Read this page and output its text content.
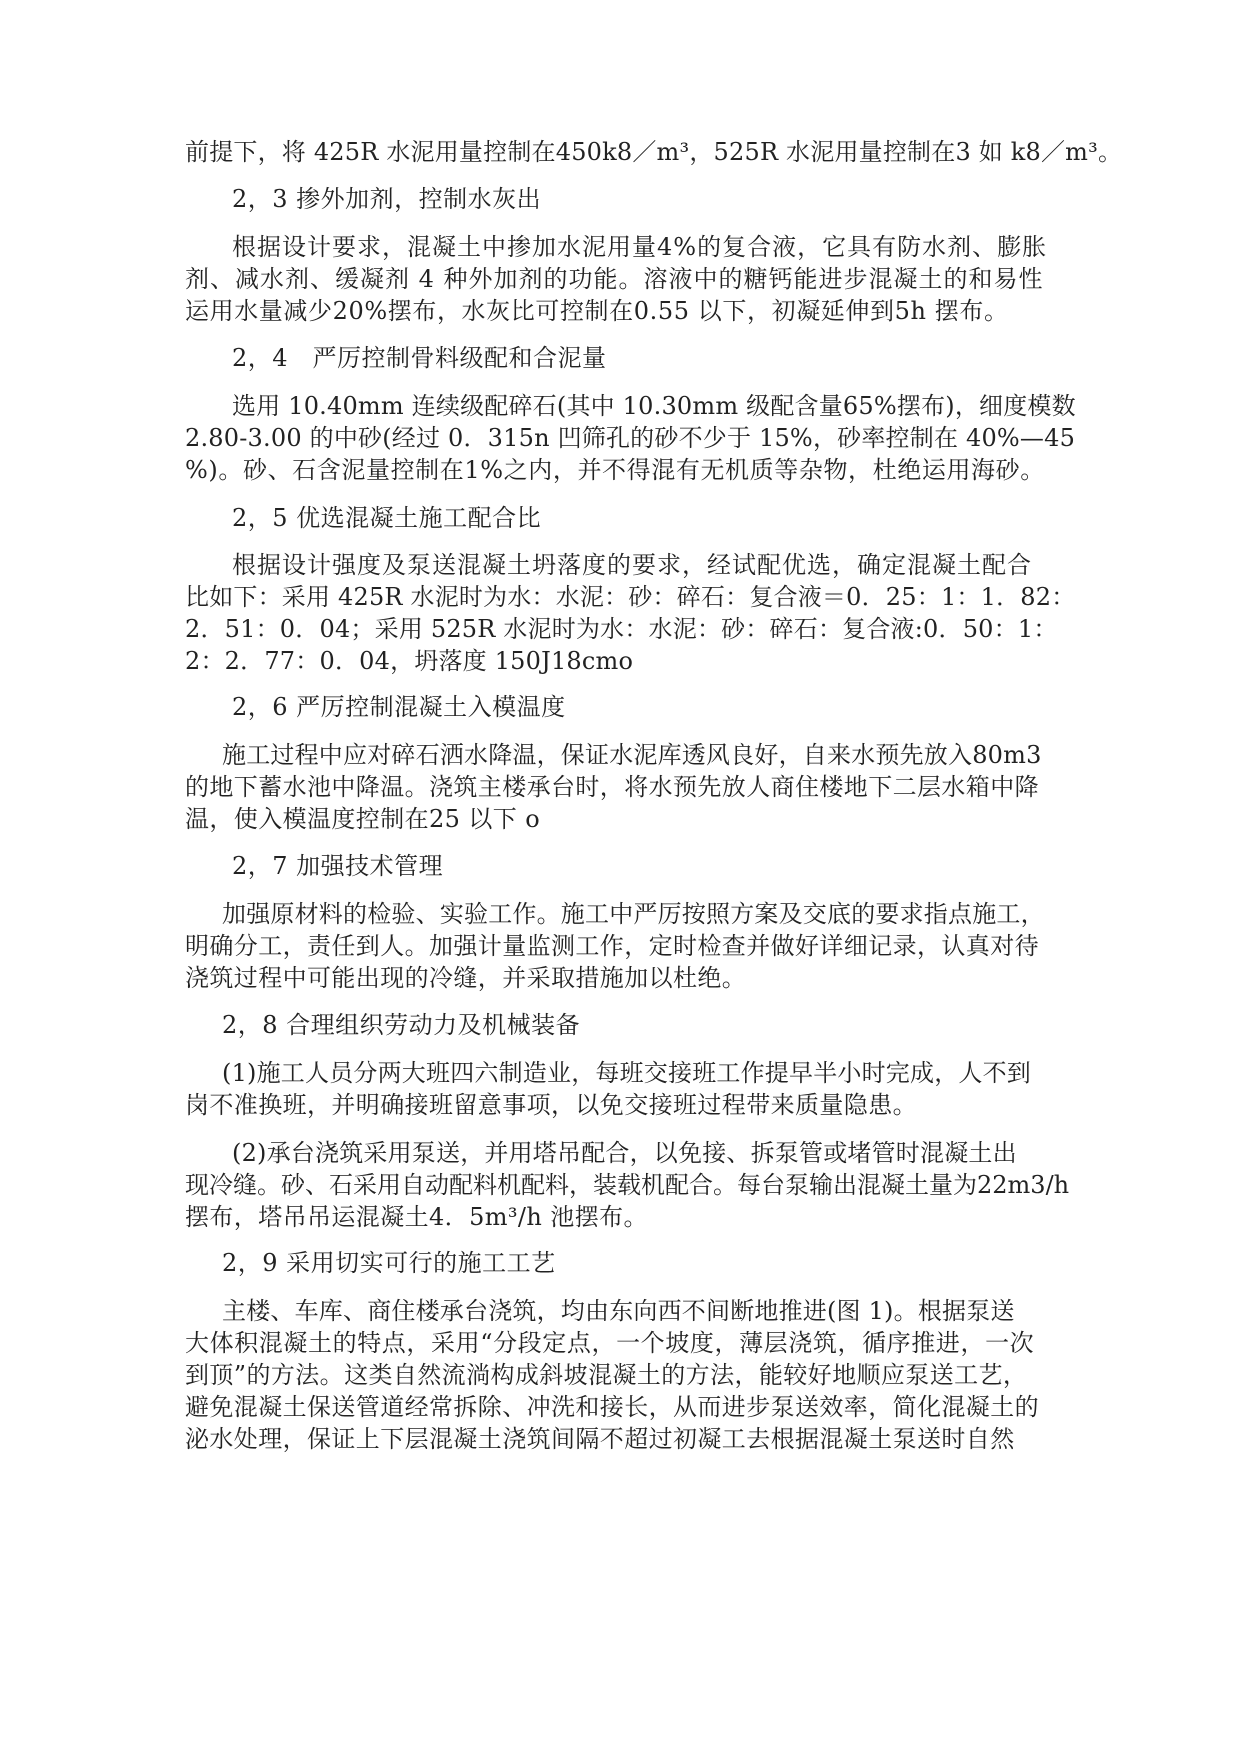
前提下，将 425R 水泥用量控制在450k8／m³，525R 水泥用量控制在3 如 k8／m³。
2，3 掺外加剂，控制水灰出
根据设计要求，混凝土中掺加水泥用量4%的复合液，它具有防水剂、膨胀
剂、减水剂、缓凝剂 4 种外加剂的功能。溶液中的糖钙能进步混凝土的和易性
运用水量减少20%摆布，水灰比可控制在0.55 以下，初凝延伸到5h 摆布。
2，4　严厉控制骨料级配和合泥量
选用 10.40mm 连续级配碎石(其中 10.30mm 级配含量65%摆布)，细度模数
2.80-3.00 的中砂(经过 0．315n 凹筛孔的砂不少于 15%，砂率控制在 40%—45
%)。砂、石含泥量控制在1%之内，并不得混有无机质等杂物，杜绝运用海砂。
2，5 优选混凝土施工配合比
根据设计强度及泵送混凝土坍落度的要求，经试配优选，确定混凝土配合
比如下：采用 425R 水泥时为水：水泥：砂：碎石：复合液＝0．25：1：1．82：
2．51：0．04；采用 525R 水泥时为水：水泥：砂：碎石：复合液:0．50：1：
2：2．77：0．04，坍落度 150J18cmo
2，6 严厉控制混凝土入模温度
施工过程中应对碎石洒水降温，保证水泥库透风良好，自来水预先放入80m3
的地下蓄水池中降温。浇筑主楼承台时，将水预先放人商住楼地下二层水箱中降
温，使入模温度控制在25 以下 o
2，7 加强技术管理
加强原材料的检验、实验工作。施工中严厉按照方案及交底的要求指点施工，
明确分工，责任到人。加强计量监测工作，定时检查并做好详细记录，认真对待
浇筑过程中可能出现的冷缝，并采取措施加以杜绝。
2，8 合理组织劳动力及机械装备
(1)施工人员分两大班四六制造业，每班交接班工作提早半小时完成，人不到
岗不准换班，并明确接班留意事项，以免交接班过程带来质量隐患。
(2)承台浇筑采用泵送，并用塔吊配合，以免接、拆泵管或堵管时混凝土出
现冷缝。砂、石采用自动配料机配料，装载机配合。每台泵输出混凝土量为22m3/h
摆布，塔吊吊运混凝土4．5m³/h 池摆布。
2，9 采用切实可行的施工工艺
主楼、车库、商住楼承台浇筑，均由东向西不间断地推进(图 1)。根据泵送
大体积混凝土的特点，采用“分段定点，一个坡度，薄层浇筑，循序推进，一次
到顶”的方法。这类自然流淌构成斜坡混凝土的方法，能较好地顺应泵送工艺，
避免混凝土保送管道经常拆除、冲洗和接长，从而进步泵送效率，简化混凝土的
泌水处理，保证上下层混凝土浇筑间隔不超过初凝工去根据混凝土泵送时自然
